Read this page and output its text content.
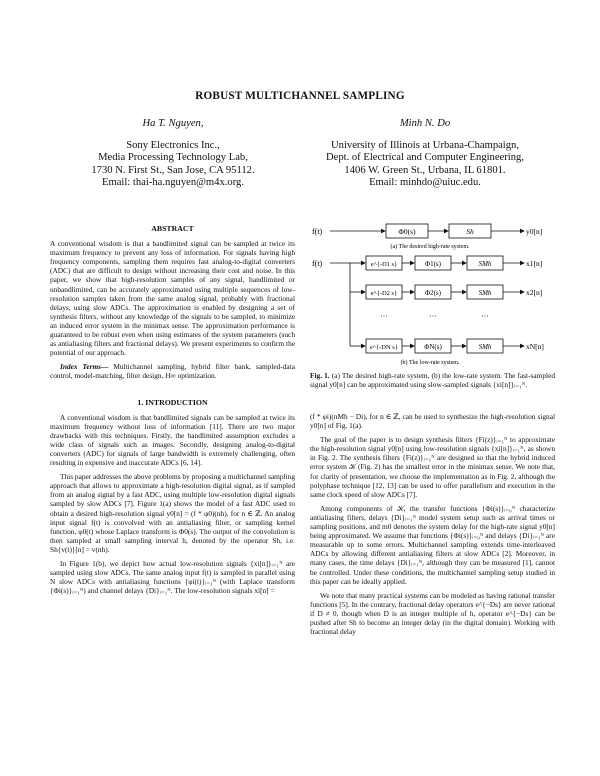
ROBUST MULTICHANNEL SAMPLING
Ha T. Nguyen,
Sony Electronics Inc.,
Media Processing Technology Lab,
1730 N. First St., San Jose, CA 95112.
Email: thai-ha.nguyen@m4x.org.
Minh N. Do
University of Illinois at Urbana-Champaign,
Dept. of Electrical and Computer Engineering,
1406 W. Green St., Urbana, IL 61801.
Email: minhdo@uiuc.edu.
ABSTRACT

A conventional wisdom is that a bandlimited signal can be sampled at twice its maximum frequency to prevent any loss of information. For signals having high frequency components, sampling them requires fast analog-to-digital converters (ADC) that are difficult to design without increasing their cost and noise. In this paper, we show that high-resolution samples of any signal, bandlimited or unbandlimited, can be accurately approximated using multiple sequences of low-resolution samples taken from the same analog signal, probably with fractional delays, using slow ADCs. The approximation is enabled by designing a set of synthesis filters, without any knowledge of the signals to be sampled, to minimize an induced error system in the minimax sense. The approximation performance is guaranteed to be robust even when using estimates of the system parameters (such as antialiasing filters and fractional delays). We present experiments to confirm the potential of our approach.

Index Terms— Multichannel sampling, hybrid filter bank, sampled-data control, model-matching, filter design, H∞ optimization.

1. INTRODUCTION

A conventional wisdom is that bandlimited signals can be sampled at twice its maximum frequency without loss of information [11]. There are two major drawbacks with this techniques. Firstly, the bandlimited assumption excludes a wide class of signals such as images. Secondly, designing analog-to-digital converters (ADC) for signals of large bandwidth is extremely challenging, often resulting in expensive and inaccurate ADCs [6, 14].

This paper addresses the above problems by proposing a multichannel sampling approach that allows to approximate a high-resolution digital signal, as if sampled from an analog signal by a fast ADC, using multiple low-resolution digital signals sampled by slow ADCs [7]. Figure 1(a) shows the model of a fast ADC used to obtain a desired high-resolution signal y0[n] = (f * φ0)(nh), for n ∈ ℤ. An analog input signal f(t) is convolved with an antialiasing filter, or sampling kernel function, φ0(t) whose Laplace transform is Φ0(s). The output of the convolution is then sampled at small sampling interval h, denoted by the operator Sh, i.e. Sh{v(t)}[n] = v(nh).

In Figure 1(b), we depict how actual low-resolution signals {xi[n]}ᵢ₌₁ᴺ are sampled using slow ADCs. The same analog input f(t) is sampled in parallel using N slow ADCs with antialiasing functions {φi(t)}ᵢ₌₁ᴺ (with Laplace transform {Φi(s)}ᵢ₌₁ᴺ) and channel delays {Di}ᵢ₌₁ᴺ. The low-resolution signals xi[n] =

f(t)	Φ0(s)	Sh	y0[n]
(a) The desired high-rate system.
f(t)	e^{-D1 s}	Φ1(s)	SMh	x1[n]
e^{-D2 s}	Φ2(s)	SMh	x2[n]
···	···	···
e^{-DN s}	ΦN(s)	SMh	xN[n]
(b) The low-rate system.
Fig. 1. (a) The desired high-rate system, (b) the low-rate system. The fast-sampled signal y0[n] can be approximated using slow-sampled signals {xi[n]}ᵢ₌₁ᴺ.

(f * φi)(nMh − Di), for n ∈ ℤ, can be used to synthesize the high-resolution signal y0[n] of Fig. 1(a).

The goal of the paper is to design synthesis filters {Fi(z)}ᵢ₌₁ᴺ to approximate the high-resolution signal y0[n] using low-resolution signals {xi[n]}ᵢ₌₁ᴺ, as shown in Fig. 2. The synthesis filters {Fi(z)}ᵢ₌₁ᴺ are designed so that the hybrid induced error system 𝒦 (Fig. 2) has the smallest error in the minimax sense. We note that, for clarity of presentation, we choose the implementation as in Fig. 2, although the polyphase technique [12, 13] can be used to offer parallelism and execution in the same clock speed of slow ADCs [7].

Among components of 𝒦, the transfer functions {Φi(s)}ᵢ₌₀ᴺ characterize antialiasing filters, delays {Di}ᵢ₌₁ᴺ model system setup such as arrival times or sampling positions, and m0 denotes the system delay for the high-rate signal y0[n] being approximated. We assume that functions {Φi(s)}ᵢ₌₀ᴺ and delays {Di}ᵢ₌₁ᴺ are measurable up to some errors. Multichannel sampling extends time-interleaved ADCs by allowing different antialiasing filters at slow ADCs [2]. Moreover, in many cases, the time delays {Di}ᵢ₌₁ᴺ, although they can be measured [1], cannot be controlled. Under these conditions, the multichannel sampling setup studied in this paper can be ideally applied.

We note that many practical systems can be modeled as having rational transfer functions [5]. In the contrary, fractional delay operators e^{−Ds} are never rational if D ≠ 0, though when D is an integer multiple of h, operator e^{−Ds} can be pushed after Sh to become an integer delay (in the digital domain). Working with fractional delay
